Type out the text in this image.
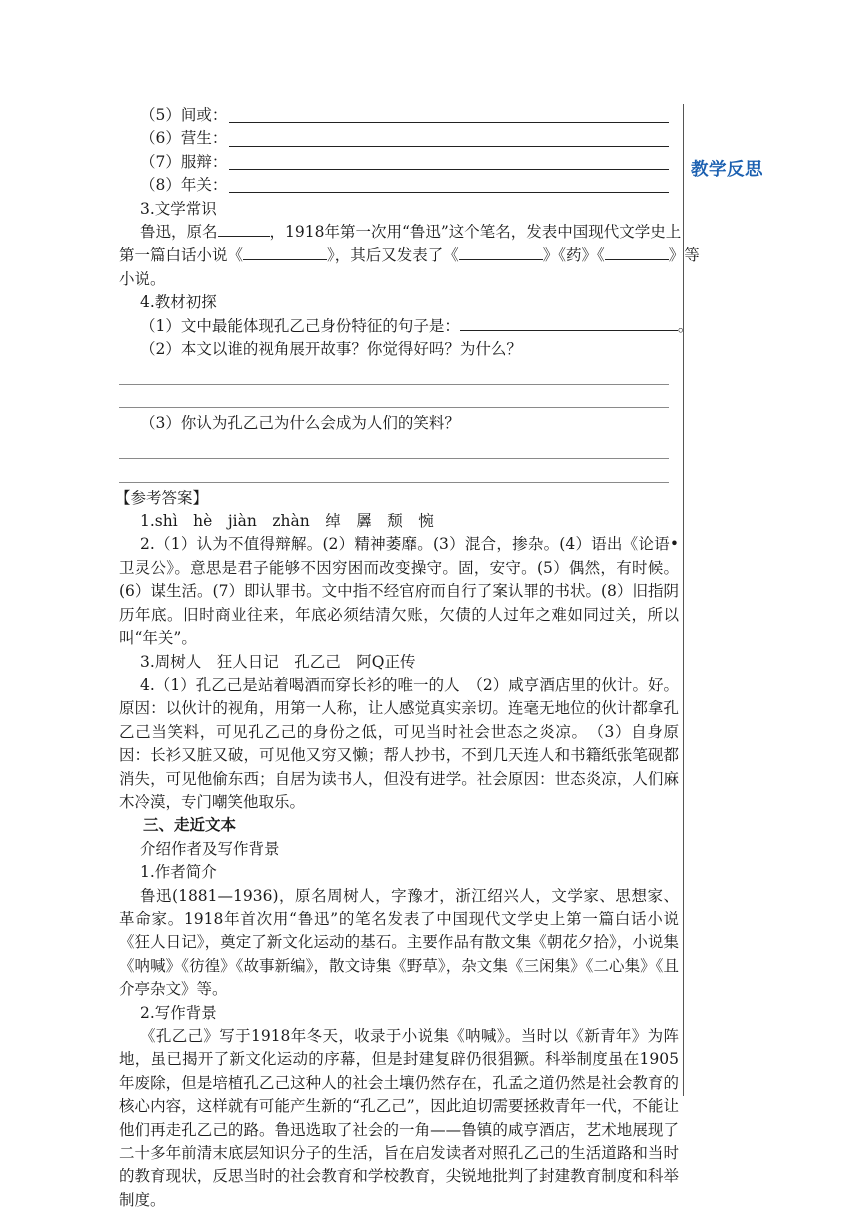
教学反思
（5）间或：
（6）营生：
（7）服辩：
（8）年关：
3.文学常识
鲁迅，原名	，1918年第一次用“鲁迅”这个笔名，发表中国现代文学史上
第一篇白话小说《	》，其后又发表了《	》《药》《	》等
小说。
4.教材初探
（1）文中最能体现孔乙己身份特征的句子是：	。
（2）本文以谁的视角展开故事？你觉得好吗？为什么？
（3）你认为孔乙己为什么会成为人们的笑料？
【参考答案】
1.shì　hè　jiàn　zhàn　绰　羼　颓　惋

2.（1）认为不值得辩解。(2）精神萎靡。(3）混合，掺杂。(4）语出《论语•卫灵公》。意思是君子能够不因穷困而改变操守。固，安守。(5）偶然，有时候。(6）谋生活。(7）即认罪书。文中指不经官府而自行了案认罪的书状。(8）旧指阴历年底。旧时商业往来，年底必须结清欠账，欠债的人过年之难如同过关，所以叫“年关”。

3.周树人　狂人日记　孔乙己　阿Q正传

4.（1）孔乙己是站着喝酒而穿长衫的唯一的人　（2）咸亨酒店里的伙计。好。原因：以伙计的视角，用第一人称，让人感觉真实亲切。连毫无地位的伙计都拿孔乙己当笑料，可见孔乙己的身份之低，可见当时社会世态之炎凉。　（3）自身原因：长衫又脏又破，可见他又穷又懒；帮人抄书，不到几天连人和书籍纸张笔砚都消失，可见他偷东西；自居为读书人，但没有进学。社会原因：世态炎凉，人们麻木冷漠，专门嘲笑他取乐。

三、走近文本
介绍作者及写作背景
1.作者简介

鲁迅(1881—1936)，原名周树人，字豫才，浙江绍兴人，文学家、思想家、革命家。1918年首次用“鲁迅”的笔名发表了中国现代文学史上第一篇白话小说《狂人日记》，奠定了新文化运动的基石。主要作品有散文集《朝花夕拾》，小说集《呐喊》《彷徨》《故事新编》，散文诗集《野草》，杂文集《三闲集》《二心集》《且介亭杂文》等。

2.写作背景

《孔乙己》写于1918年冬天，收录于小说集《呐喊》。当时以《新青年》为阵地，虽已揭开了新文化运动的序幕，但是封建复辟仍很猖獗。科举制度虽在1905年废除，但是培植孔乙己这种人的社会土壤仍然存在，孔孟之道仍然是社会教育的核心内容，这样就有可能产生新的“孔乙己”，因此迫切需要拯救青年一代，不能让他们再走孔乙己的路。鲁迅选取了社会的一角——鲁镇的咸亨酒店，艺术地展现了二十多年前清末底层知识分子的生活，旨在启发读者对照孔乙己的生活道路和当时的教育现状，反思当时的社会教育和学校教育，尖锐地批判了封建教育制度和科举制度。
